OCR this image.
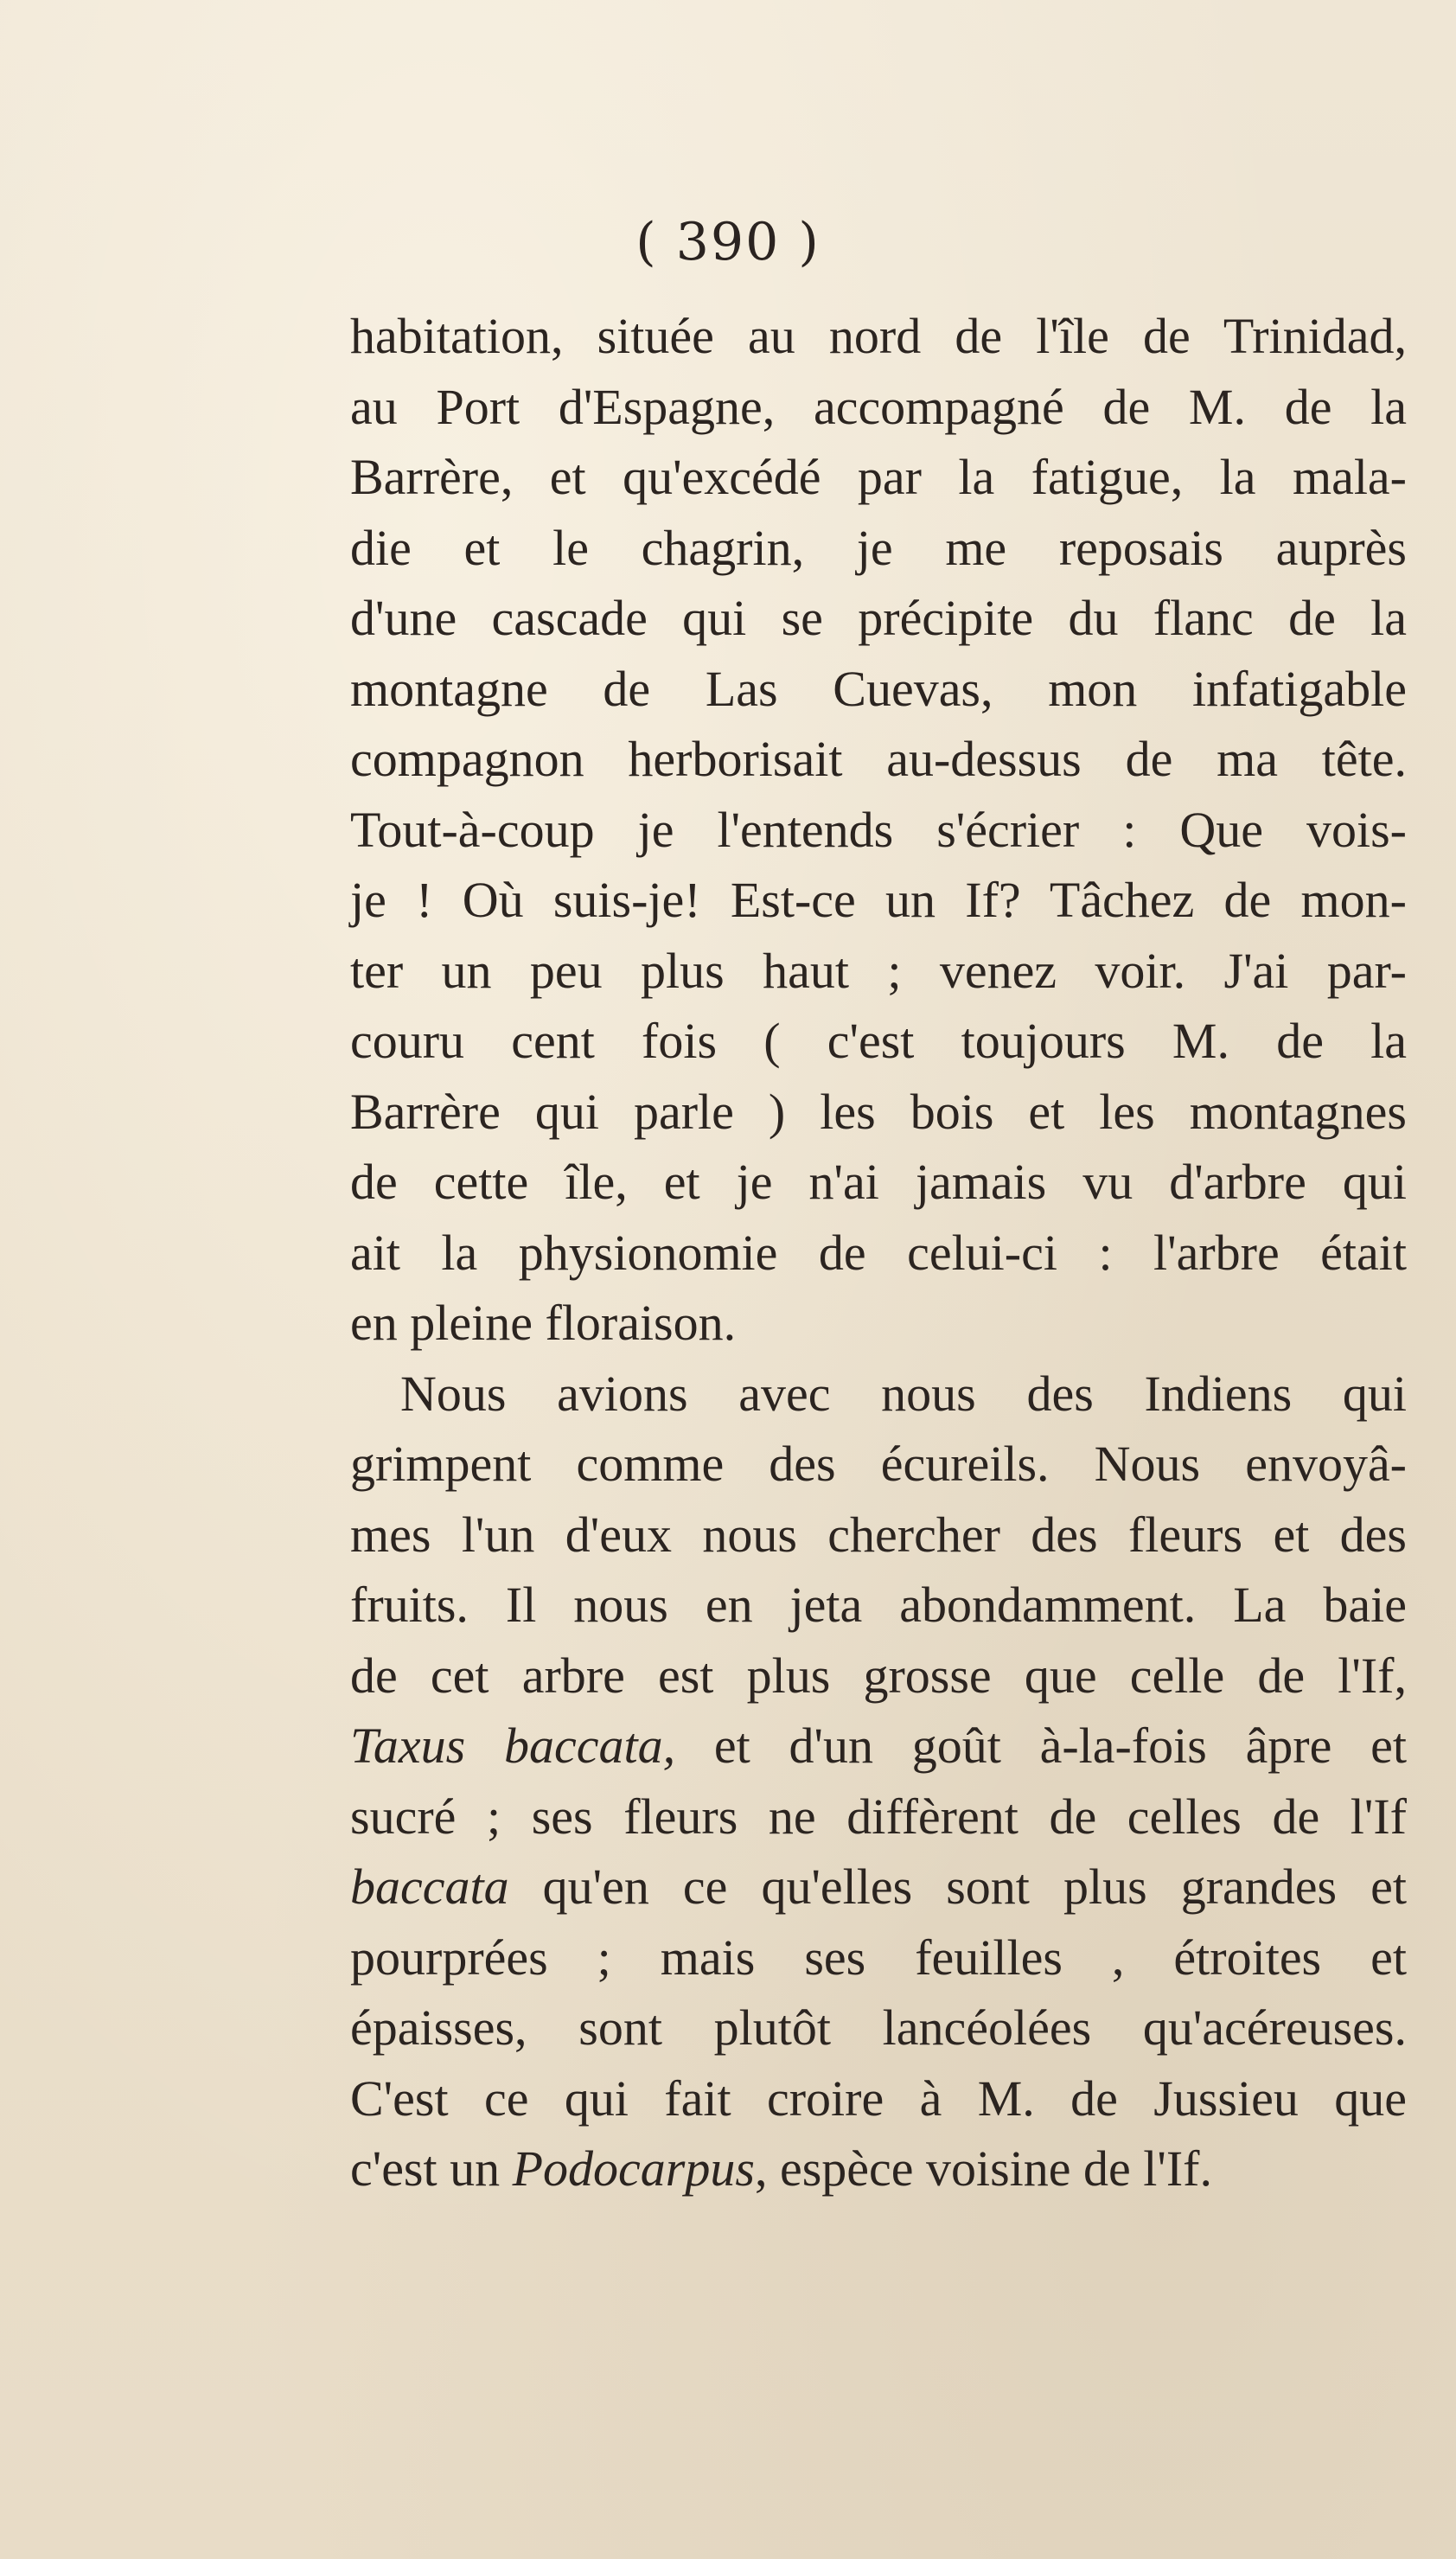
( 390 )
habitation, située au nord de l'île de Trinidad,
au Port d'Espagne, accompagné de M. de la
Barrère, et qu'excédé par la fatigue, la mala-
die et le chagrin, je me reposais auprès
d'une cascade qui se précipite du flanc de la
montagne de Las Cuevas, mon infatigable
compagnon herborisait au-dessus de ma tête.
Tout-à-coup je l'entends s'écrier : Que vois-
je ! Où suis-je! Est-ce un If? Tâchez de mon-
ter un peu plus haut ; venez voir. J'ai par-
couru cent fois ( c'est toujours M. de la
Barrère qui parle ) les bois et les montagnes
de cette île, et je n'ai jamais vu d'arbre qui
ait la physionomie de celui-ci : l'arbre était
en pleine floraison.
Nous avions avec nous des Indiens qui
grimpent comme des écureils. Nous envoyâ-
mes l'un d'eux nous chercher des fleurs et des
fruits. Il nous en jeta abondamment. La baie
de cet arbre est plus grosse que celle de l'If,
Taxus baccata, et d'un goût à-la-fois âpre et
sucré ; ses fleurs ne diffèrent de celles de l'If
baccata qu'en ce qu'elles sont plus grandes et
pourprées ; mais ses feuilles , étroites et
épaisses, sont plutôt lancéolées qu'acéreuses.
C'est ce qui fait croire à M. de Jussieu que
c'est un Podocarpus, espèce voisine de l'If.
